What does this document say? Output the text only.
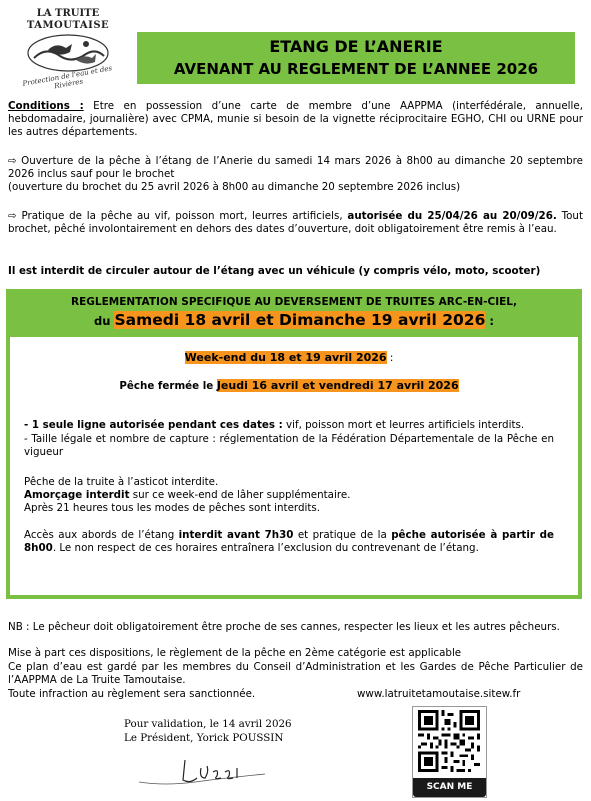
LA TRUITE
TAMOUTAISE
Protection de l'eau et des Rivières
ETANG DE L’ANERIE
AVENANT AU REGLEMENT DE L’ANNEE 2026
Conditions : Etre en possession d’une carte de membre d’une AAPPMA (interfédérale, annuelle, hebdomadaire, journalière) avec CPMA, munie si besoin de la vignette réciprocitaire EGHO, CHI ou URNE pour les autres départements.
⇨ Ouverture de la pêche à l’étang de l’Anerie du samedi 14 mars 2026 à 8h00 au dimanche 20 septembre 2026 inclus sauf pour le brochet
(ouverture du brochet du 25 avril 2026 à 8h00 au dimanche 20 septembre 2026 inclus)
⇨ Pratique de la pêche au vif, poisson mort, leurres artificiels, autorisée du 25/04/26 au 20/09/26. Tout brochet, pêché involontairement en dehors des dates d’ouverture, doit obligatoirement être remis à l’eau.
Il est interdit de circuler autour de l’étang avec un véhicule (y compris vélo, moto, scooter)
REGLEMENTATION SPECIFIQUE AU DEVERSEMENT DE TRUITES ARC-EN-CIEL,
du Samedi 18 avril et Dimanche 19 avril 2026 :
Week-end du 18 et 19 avril 2026 :
Pêche fermée le Jeudi 16 avril et vendredi 17 avril 2026
- 1 seule ligne autorisée pendant ces dates : vif, poisson mort et leurres artificiels interdits.
- Taille légale et nombre de capture : réglementation de la Fédération Départementale de la Pêche en vigueur
Pêche de la truite à l’asticot interdite.
Amorçage interdit sur ce week-end de lâher supplémentaire.
Après 21 heures tous les modes de pêches sont interdits.
Accès aux abords de l’étang interdit avant 7h30 et pratique de la pêche autorisée à partir de 8h00. Le non respect de ces horaires entraînera l’exclusion du contrevenant de l’étang.
NB : Le pêcheur doit obligatoirement être proche de ses cannes, respecter les lieux et les autres pêcheurs.
Mise à part ces dispositions, le règlement de la pêche en 2ème catégorie est applicable
Ce plan d’eau est gardé par les membres du Conseil d’Administration et les Gardes de Pêche Particulier de l’AAPPMA de La Truite Tamoutaise.
Toute infraction au règlement sera sanctionnée.	www.latruitetamoutaise.sitew.fr
Pour validation, le 14 avril 2026
Le Président, Yorick POUSSIN
SCAN ME
